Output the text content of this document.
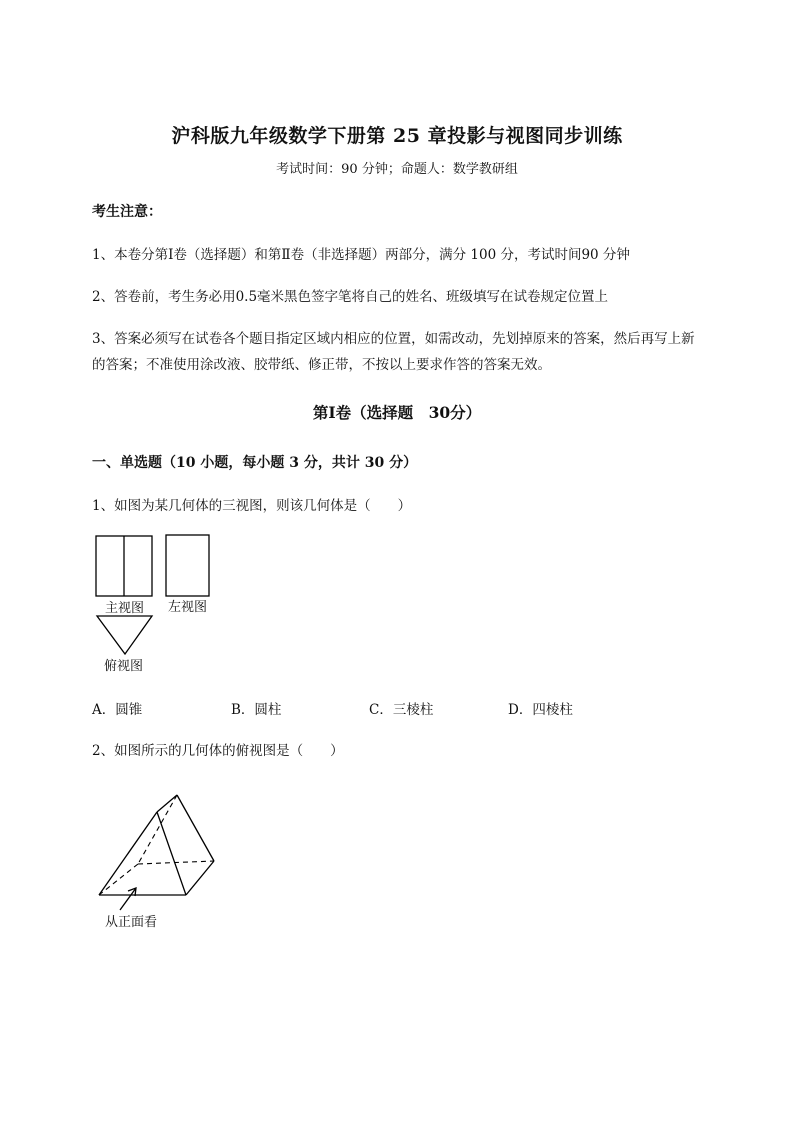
沪科版九年级数学下册第 25 章投影与视图同步训练
考试时间：90 分钟；命题人：数学教研组
考生注意：
1、本卷分第Ⅰ卷（选择题）和第Ⅱ卷（非选择题）两部分，满分 100 分，考试时间90 分钟
2、答卷前，考生务必用0.5毫米黑色签字笔将自己的姓名、班级填写在试卷规定位置上
3、答案必须写在试卷各个题目指定区域内相应的位置，如需改动，先划掉原来的答案，然后再写上新
的答案；不准使用涂改液、胶带纸、修正带，不按以上要求作答的答案无效。
第Ⅰ卷（选择题　30分）
一、单选题（10 小题，每小题 3 分，共计 30 分）
1、如图为某几何体的三视图，则该几何体是（　　）
主视图 左视图
俯视图
A．圆锥	B．圆柱	C．三棱柱	D．四棱柱
2、如图所示的几何体的俯视图是（　　）
从正面看
